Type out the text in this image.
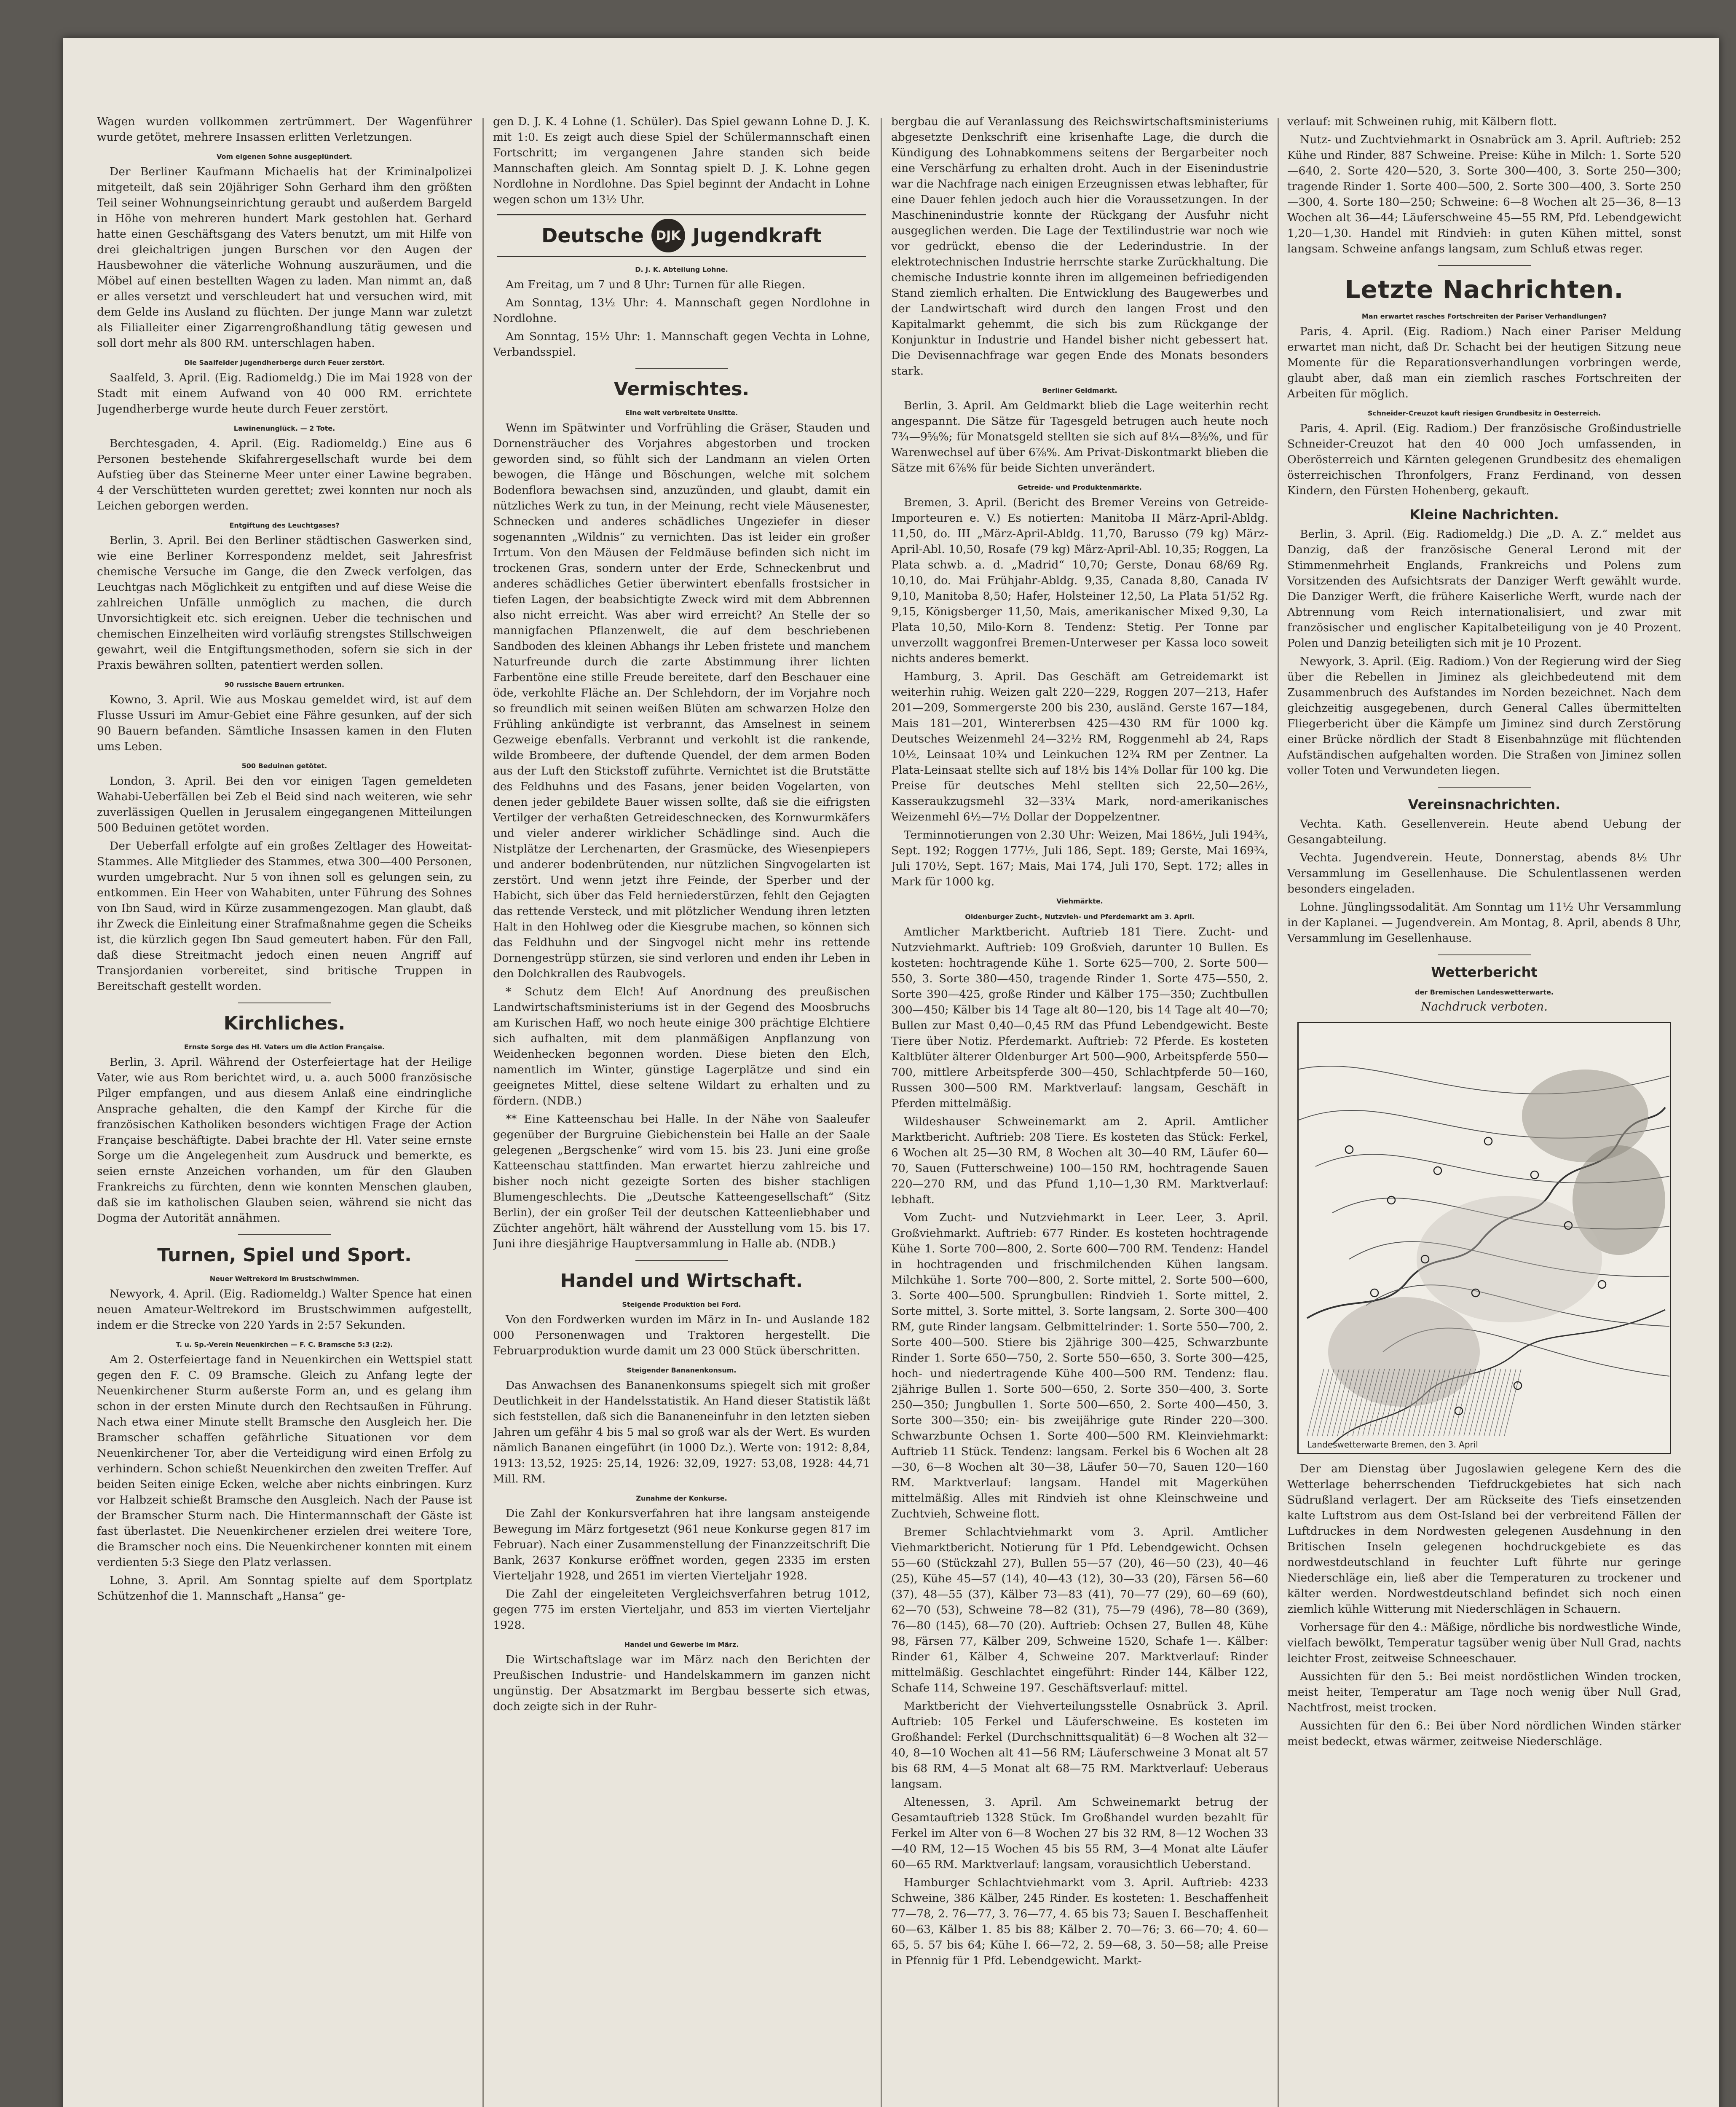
Wagen wurden vollkommen zertrümmert. Der Wagenführer wurde getötet, mehrere Insassen erlitten Verletzungen.

Vom eigenen Sohne ausgeplündert.

Der Berliner Kaufmann Michaelis hat der Kriminalpolizei mitgeteilt, daß sein 20jähriger Sohn Gerhard ihm den größten Teil seiner Wohnungseinrichtung geraubt und außerdem Bargeld in Höhe von mehreren hundert Mark gestohlen hat. Gerhard hatte einen Geschäftsgang des Vaters benutzt, um mit Hilfe von drei gleichaltrigen jungen Burschen vor den Augen der Hausbewohner die väterliche Wohnung auszuräumen, und die Möbel auf einen bestellten Wagen zu laden. Man nimmt an, daß er alles versetzt und verschleudert hat und versuchen wird, mit dem Gelde ins Ausland zu flüchten. Der junge Mann war zuletzt als Filialleiter einer Zigarrengroßhandlung tätig gewesen und soll dort mehr als 800 RM. unterschlagen haben.

Die Saalfelder Jugendherberge durch Feuer zerstört.

Saalfeld, 3. April. (Eig. Radiomeldg.) Die im Mai 1928 von der Stadt mit einem Aufwand von 40 000 RM. errichtete Jugendherberge wurde heute durch Feuer zerstört.

Lawinenunglück. — 2 Tote.

Berchtesgaden, 4. April. (Eig. Radiomeldg.) Eine aus 6 Personen bestehende Skifahrergesellschaft wurde bei dem Aufstieg über das Steinerne Meer unter einer Lawine begraben. 4 der Verschütteten wurden gerettet; zwei konnten nur noch als Leichen geborgen werden.

Entgiftung des Leuchtgases?

Berlin, 3. April. Bei den Berliner städtischen Gaswerken sind, wie eine Berliner Korrespondenz meldet, seit Jahresfrist chemische Versuche im Gange, die den Zweck verfolgen, das Leuchtgas nach Möglichkeit zu entgiften und auf diese Weise die zahlreichen Unfälle unmöglich zu machen, die durch Unvorsichtigkeit etc. sich ereignen. Ueber die technischen und chemischen Einzelheiten wird vorläufig strengstes Stillschweigen gewahrt, weil die Entgiftungsmethoden, sofern sie sich in der Praxis bewähren sollten, patentiert werden sollen.

90 russische Bauern ertrunken.

Kowno, 3. April. Wie aus Moskau gemeldet wird, ist auf dem Flusse Ussuri im Amur-Gebiet eine Fähre gesunken, auf der sich 90 Bauern befanden. Sämtliche Insassen kamen in den Fluten ums Leben.

500 Beduinen getötet.

London, 3. April. Bei den vor einigen Tagen gemeldeten Wahabi-Ueberfällen bei Zeb el Beid sind nach weiteren, wie sehr zuverlässigen Quellen in Jerusalem eingegangenen Mitteilungen 500 Beduinen getötet worden.

Der Ueberfall erfolgte auf ein großes Zeltlager des Howeitat-Stammes. Alle Mitglieder des Stammes, etwa 300—400 Personen, wurden umgebracht. Nur 5 von ihnen soll es gelungen sein, zu entkommen. Ein Heer von Wahabiten, unter Führung des Sohnes von Ibn Saud, wird in Kürze zusammengezogen. Man glaubt, daß ihr Zweck die Einleitung einer Strafmaßnahme gegen die Scheiks ist, die kürzlich gegen Ibn Saud gemeutert haben. Für den Fall, daß diese Streitmacht jedoch einen neuen Angriff auf Transjordanien vorbereitet, sind britische Truppen in Bereitschaft gestellt worden.

Kirchliches.
Ernste Sorge des Hl. Vaters um die Action Française.

Berlin, 3. April. Während der Osterfeiertage hat der Heilige Vater, wie aus Rom berichtet wird, u. a. auch 5000 französische Pilger empfangen, und aus diesem Anlaß eine eindringliche Ansprache gehalten, die den Kampf der Kirche für die französischen Katholiken besonders wichtigen Frage der Action Française beschäftigte. Dabei brachte der Hl. Vater seine ernste Sorge um die Angelegenheit zum Ausdruck und bemerkte, es seien ernste Anzeichen vorhanden, um für den Glauben Frankreichs zu fürchten, denn wie konnten Menschen glauben, daß sie im katholischen Glauben seien, während sie nicht das Dogma der Autorität annähmen.

Turnen, Spiel und Sport.
Neuer Weltrekord im Brustschwimmen.

Newyork, 4. April. (Eig. Radiomeldg.) Walter Spence hat einen neuen Amateur-Weltrekord im Brustschwimmen aufgestellt, indem er die Strecke von 220 Yards in 2:57 Sekunden.

T. u. Sp.-Verein Neuenkirchen — F. C. Bramsche 5:3 (2:2).

Am 2. Osterfeiertage fand in Neuenkirchen ein Wettspiel statt gegen den F. C. 09 Bramsche. Gleich zu Anfang legte der Neuenkirchener Sturm außerste Form an, und es gelang ihm schon in der ersten Minute durch den Rechtsaußen in Führung. Nach etwa einer Minute stellt Bramsche den Ausgleich her. Die Bramscher schaffen gefährliche Situationen vor dem Neuenkirchener Tor, aber die Verteidigung wird einen Erfolg zu verhindern. Schon schießt Neuenkirchen den zweiten Treffer. Auf beiden Seiten einige Ecken, welche aber nichts einbringen. Kurz vor Halbzeit schießt Bramsche den Ausgleich. Nach der Pause ist der Bramscher Sturm nach. Die Hintermannschaft der Gäste ist fast überlastet. Die Neuenkirchener erzielen drei weitere Tore, die Bramscher noch eins. Die Neuenkirchener konnten mit einem verdienten 5:3 Siege den Platz verlassen.

Lohne, 3. April. Am Sonntag spielte auf dem Sportplatz Schützenhof die 1. Mannschaft „Hansa“ ge-

gen D. J. K. 4 Lohne (1. Schüler). Das Spiel gewann Lohne D. J. K. mit 1:0. Es zeigt auch diese Spiel der Schülermannschaft einen Fortschritt; im vergangenen Jahre standen sich beide Mannschaften gleich. Am Sonntag spielt D. J. K. Lohne gegen Nordlohne in Nordlohne. Das Spiel beginnt der Andacht in Lohne wegen schon um 13½ Uhr.

Deutsche DJK Jugendkraft
D. J. K. Abteilung Lohne.

Am Freitag, um 7 und 8 Uhr: Turnen für alle Riegen.

Am Sonntag, 13½ Uhr: 4. Mannschaft gegen Nordlohne in Nordlohne.

Am Sonntag, 15½ Uhr: 1. Mannschaft gegen Vechta in Lohne, Verbandsspiel.

Vermischtes.
Eine weit verbreitete Unsitte.

Wenn im Spätwinter und Vorfrühling die Gräser, Stauden und Dornensträucher des Vorjahres abgestorben und trocken geworden sind, so fühlt sich der Landmann an vielen Orten bewogen, die Hänge und Böschungen, welche mit solchem Bodenflora bewachsen sind, anzuzünden, und glaubt, damit ein nützliches Werk zu tun, in der Meinung, recht viele Mäusenester, Schnecken und anderes schädliches Ungeziefer in dieser sogenannten „Wildnis“ zu vernichten. Das ist leider ein großer Irrtum. Von den Mäusen der Feldmäuse befinden sich nicht im trockenen Gras, sondern unter der Erde, Schneckenbrut und anderes schädliches Getier überwintert ebenfalls frostsicher in tiefen Lagen, der beabsichtigte Zweck wird mit dem Abbrennen also nicht erreicht. Was aber wird erreicht? An Stelle der so mannigfachen Pflanzenwelt, die auf dem beschriebenen Sandboden des kleinen Abhangs ihr Leben fristete und manchem Naturfreunde durch die zarte Abstimmung ihrer lichten Farbentöne eine stille Freude bereitete, darf den Beschauer eine öde, verkohlte Fläche an. Der Schlehdorn, der im Vorjahre noch so freundlich mit seinen weißen Blüten am schwarzen Holze den Frühling ankündigte ist verbrannt, das Amselnest in seinem Gezweige ebenfalls. Verbrannt und verkohlt ist die rankende, wilde Brombeere, der duftende Quendel, der dem armen Boden aus der Luft den Stickstoff zuführte. Vernichtet ist die Brutstätte des Feldhuhns und des Fasans, jener beiden Vogelarten, von denen jeder gebildete Bauer wissen sollte, daß sie die eifrigsten Vertilger der verhaßten Getreideschnecken, des Kornwurmkäfers und vieler anderer wirklicher Schädlinge sind. Auch die Nistplätze der Lerchenarten, der Grasmücke, des Wiesenpiepers und anderer bodenbrütenden, nur nützlichen Singvogelarten ist zerstört. Und wenn jetzt ihre Feinde, der Sperber und der Habicht, sich über das Feld herniederstürzen, fehlt den Gejagten das rettende Versteck, und mit plötzlicher Wendung ihren letzten Halt in den Hohlweg oder die Kiesgrube machen, so können sich das Feldhuhn und der Singvogel nicht mehr ins rettende Dornengestrüpp stürzen, sie sind verloren und enden ihr Leben in den Dolchkrallen des Raubvogels.

* Schutz dem Elch! Auf Anordnung des preußischen Landwirtschaftsministeriums ist in der Gegend des Moosbruchs am Kurischen Haff, wo noch heute einige 300 prächtige Elchtiere sich aufhalten, mit dem planmäßigen Anpflanzung von Weidenhecken begonnen worden. Diese bieten den Elch, namentlich im Winter, günstige Lagerplätze und sind ein geeignetes Mittel, diese seltene Wildart zu erhalten und zu fördern. (NDB.)

** Eine Katteenschau bei Halle. In der Nähe von Saaleufer gegenüber der Burgruine Giebichenstein bei Halle an der Saale gelegenen „Bergschenke“ wird vom 15. bis 23. Juni eine große Katteenschau stattfinden. Man erwartet hierzu zahlreiche und bisher noch nicht gezeigte Sorten des bisher stachligen Blumengeschlechts. Die „Deutsche Katteengesellschaft“ (Sitz Berlin), der ein großer Teil der deutschen Katteenliebhaber und Züchter angehört, hält während der Ausstellung vom 15. bis 17. Juni ihre diesjährige Hauptversammlung in Halle ab. (NDB.)

Handel und Wirtschaft.
Steigende Produktion bei Ford.

Von den Fordwerken wurden im März in In- und Auslande 182 000 Personenwagen und Traktoren hergestellt. Die Februarproduktion wurde damit um 23 000 Stück überschritten.

Steigender Bananenkonsum.

Das Anwachsen des Bananenkonsums spiegelt sich mit großer Deutlichkeit in der Handelsstatistik. An Hand dieser Statistik läßt sich feststellen, daß sich die Bananeneinfuhr in den letzten sieben Jahren um gefähr 4 bis 5 mal so groß war als der Wert. Es wurden nämlich Bananen eingeführt (in 1000 Dz.). Werte von: 1912: 8,84, 1913: 13,52, 1925: 25,14, 1926: 32,09, 1927: 53,08, 1928: 44,71 Mill. RM.

Zunahme der Konkurse.

Die Zahl der Konkursverfahren hat ihre langsam ansteigende Bewegung im März fortgesetzt (961 neue Konkurse gegen 817 im Februar). Nach einer Zusammenstellung der Finanzzeitschrift Die Bank, 2637 Konkurse eröffnet worden, gegen 2335 im ersten Vierteljahr 1928, und 2651 im vierten Vierteljahr 1928.

Die Zahl der eingeleiteten Vergleichsverfahren betrug 1012, gegen 775 im ersten Vierteljahr, und 853 im vierten Vierteljahr 1928.

Handel und Gewerbe im März.

Die Wirtschaftslage war im März nach den Berichten der Preußischen Industrie- und Handelskammern im ganzen nicht ungünstig. Der Absatzmarkt im Bergbau besserte sich etwas, doch zeigte sich in der Ruhr-

bergbau die auf Veranlassung des Reichswirtschaftsministeriums abgesetzte Denkschrift eine krisenhafte Lage, die durch die Kündigung des Lohnabkommens seitens der Bergarbeiter noch eine Verschärfung zu erhalten droht. Auch in der Eisenindustrie war die Nachfrage nach einigen Erzeugnissen etwas lebhafter, für eine Dauer fehlen jedoch auch hier die Voraussetzungen. In der Maschinenindustrie konnte der Rückgang der Ausfuhr nicht ausgeglichen werden. Die Lage der Textilindustrie war noch wie vor gedrückt, ebenso die der Lederindustrie. In der elektrotechnischen Industrie herrschte starke Zurückhaltung. Die chemische Industrie konnte ihren im allgemeinen befriedigenden Stand ziemlich erhalten. Die Entwicklung des Baugewerbes und der Landwirtschaft wird durch den langen Frost und den Kapitalmarkt gehemmt, die sich bis zum Rückgange der Konjunktur in Industrie und Handel bisher nicht gebessert hat. Die Devisennachfrage war gegen Ende des Monats besonders stark.

Berliner Geldmarkt.

Berlin, 3. April. Am Geldmarkt blieb die Lage weiterhin recht angespannt. Die Sätze für Tagesgeld betrugen auch heute noch 7¾—9⅝%; für Monatsgeld stellten sie sich auf 8¼—8⅜%, und für Warenwechsel auf über 6⅞%. Am Privat-Diskontmarkt blieben die Sätze mit 6⅞% für beide Sichten unverändert.

Getreide- und Produktenmärkte.

Bremen, 3. April. (Bericht des Bremer Vereins von Getreide-Importeuren e. V.) Es notierten: Manitoba II März-April-Abldg. 11,50, do. III „März-April-Abldg. 11,70, Barusso (79 kg) März-April-Abl. 10,50, Rosafe (79 kg) März-April-Abl. 10,35; Roggen, La Plata schwb. a. d. „Madrid“ 10,70; Gerste, Donau 68/69 Rg. 10,10, do. Mai Frühjahr-Abldg. 9,35, Canada 8,80, Canada IV 9,10, Manitoba 8,50; Hafer, Holsteiner 12,50, La Plata 51/52 Rg. 9,15, Königsberger 11,50, Mais, amerikanischer Mixed 9,30, La Plata 10,50, Milo-Korn 8. Tendenz: Stetig. Per Tonne par unverzollt waggonfrei Bremen-Unterweser per Kassa loco soweit nichts anderes bemerkt.

Hamburg, 3. April. Das Geschäft am Getreidemarkt ist weiterhin ruhig. Weizen galt 220—229, Roggen 207—213, Hafer 201—209, Sommergerste 200 bis 230, ausländ. Gerste 167—184, Mais 181—201, Wintererbsen 425—430 RM für 1000 kg. Deutsches Weizenmehl 24—32½ RM, Roggenmehl ab 24, Raps 10½, Leinsaat 10¾ und Leinkuchen 12¾ RM per Zentner. La Plata-Leinsaat stellte sich auf 18½ bis 14⅝ Dollar für 100 kg. Die Preise für deutsches Mehl stellten sich 22,50—26½, Kasseraukzugsmehl 32—33¼ Mark, nord-amerikanisches Weizenmehl 6½—7½ Dollar der Doppelzentner.

Terminnotierungen von 2.30 Uhr: Weizen, Mai 186½, Juli 194¾, Sept. 192; Roggen 177½, Juli 186, Sept. 189; Gerste, Mai 169¾, Juli 170½, Sept. 167; Mais, Mai 174, Juli 170, Sept. 172; alles in Mark für 1000 kg.

Viehmärkte.
Oldenburger Zucht-, Nutzvieh- und Pferdemarkt am 3. April.

Amtlicher Marktbericht. Auftrieb 181 Tiere. Zucht- und Nutzviehmarkt. Auftrieb: 109 Großvieh, darunter 10 Bullen. Es kosteten: hochtragende Kühe 1. Sorte 625—700, 2. Sorte 500—550, 3. Sorte 380—450, tragende Rinder 1. Sorte 475—550, 2. Sorte 390—425, große Rinder und Kälber 175—350; Zuchtbullen 300—450; Kälber bis 14 Tage alt 80—120, bis 14 Tage alt 40—70; Bullen zur Mast 0,40—0,45 RM das Pfund Lebendgewicht. Beste Tiere über Notiz. Pferdemarkt. Auftrieb: 72 Pferde. Es kosteten Kaltblüter älterer Oldenburger Art 500—900, Arbeitspferde 550—700, mittlere Arbeitspferde 300—450, Schlachtpferde 50—160, Russen 300—500 RM. Marktverlauf: langsam, Geschäft in Pferden mittelmäßig.

Wildeshauser Schweinemarkt am 2. April. Amtlicher Marktbericht. Auftrieb: 208 Tiere. Es kosteten das Stück: Ferkel, 6 Wochen alt 25—30 RM, 8 Wochen alt 30—40 RM, Läufer 60—70, Sauen (Futterschweine) 100—150 RM, hochtragende Sauen 220—270 RM, und das Pfund 1,10—1,30 RM. Marktverlauf: lebhaft.

Vom Zucht- und Nutzviehmarkt in Leer. Leer, 3. April. Großviehmarkt. Auftrieb: 677 Rinder. Es kosteten hochtragende Kühe 1. Sorte 700—800, 2. Sorte 600—700 RM. Tendenz: Handel in hochtragenden und frischmilchenden Kühen langsam. Milchkühe 1. Sorte 700—800, 2. Sorte mittel, 2. Sorte 500—600, 3. Sorte 400—500. Sprungbullen: Rindvieh 1. Sorte mittel, 2. Sorte mittel, 3. Sorte mittel, 3. Sorte langsam, 2. Sorte 300—400 RM, gute Rinder langsam. Gelbmittelrinder: 1. Sorte 550—700, 2. Sorte 400—500. Stiere bis 2jährige 300—425, Schwarzbunte Rinder 1. Sorte 650—750, 2. Sorte 550—650, 3. Sorte 300—425, hoch- und niedertragende Kühe 400—500 RM. Tendenz: flau. 2jährige Bullen 1. Sorte 500—650, 2. Sorte 350—400, 3. Sorte 250—350; Jungbullen 1. Sorte 500—650, 2. Sorte 400—450, 3. Sorte 300—350; ein- bis zweijährige gute Rinder 220—300. Schwarzbunte Ochsen 1. Sorte 400—500 RM. Kleinviehmarkt: Auftrieb 11 Stück. Tendenz: langsam. Ferkel bis 6 Wochen alt 28—30, 6—8 Wochen alt 30—38, Läufer 50—70, Sauen 120—160 RM. Marktverlauf: langsam. Handel mit Magerkühen mittelmäßig. Alles mit Rindvieh ist ohne Kleinschweine und Zuchtvieh, Schweine flott.

Bremer Schlachtviehmarkt vom 3. April. Amtlicher Viehmarktbericht. Notierung für 1 Pfd. Lebendgewicht. Ochsen 55—60 (Stückzahl 27), Bullen 55—57 (20), 46—50 (23), 40—46 (25), Kühe 45—57 (14), 40—43 (12), 30—33 (20), Färsen 56—60 (37), 48—55 (37), Kälber 73—83 (41), 70—77 (29), 60—69 (60), 62—70 (53), Schweine 78—82 (31), 75—79 (496), 78—80 (369), 76—80 (145), 68—70 (20). Auftrieb: Ochsen 27, Bullen 48, Kühe 98, Färsen 77, Kälber 209, Schweine 1520, Schafe 1—. Kälber: Rinder 61, Kälber 4, Schweine 207. Marktverlauf: Rinder mittelmäßig. Geschlachtet eingeführt: Rinder 144, Kälber 122, Schafe 114, Schweine 197. Geschäftsverlauf: mittel.

Marktbericht der Viehverteilungsstelle Osnabrück 3. April. Auftrieb: 105 Ferkel und Läuferschweine. Es kosteten im Großhandel: Ferkel (Durchschnittsqualität) 6—8 Wochen alt 32—40, 8—10 Wochen alt 41—56 RM; Läuferschweine 3 Monat alt 57 bis 68 RM, 4—5 Monat alt 68—75 RM. Marktverlauf: Ueberaus langsam.

Altenessen, 3. April. Am Schweinemarkt betrug der Gesamtauftrieb 1328 Stück. Im Großhandel wurden bezahlt für Ferkel im Alter von 6—8 Wochen 27 bis 32 RM, 8—12 Wochen 33—40 RM, 12—15 Wochen 45 bis 55 RM, 3—4 Monat alte Läufer 60—65 RM. Marktverlauf: langsam, vorausichtlich Ueberstand.

Hamburger Schlachtviehmarkt vom 3. April. Auftrieb: 4233 Schweine, 386 Kälber, 245 Rinder. Es kosteten: 1. Beschaffenheit 77—78, 2. 76—77, 3. 76—77, 4. 65 bis 73; Sauen I. Beschaffenheit 60—63, Kälber 1. 85 bis 88; Kälber 2. 70—76; 3. 66—70; 4. 60—65, 5. 57 bis 64; Kühe I. 66—72, 2. 59—68, 3. 50—58; alle Preise in Pfennig für 1 Pfd. Lebendgewicht. Markt-

verlauf: mit Schweinen ruhig, mit Kälbern flott.

Nutz- und Zuchtviehmarkt in Osnabrück am 3. April. Auftrieb: 252 Kühe und Rinder, 887 Schweine. Preise: Kühe in Milch: 1. Sorte 520—640, 2. Sorte 420—520, 3. Sorte 300—400, 3. Sorte 250—300; tragende Rinder 1. Sorte 400—500, 2. Sorte 300—400, 3. Sorte 250—300, 4. Sorte 180—250; Schweine: 6—8 Wochen alt 25—36, 8—13 Wochen alt 36—44; Läuferschweine 45—55 RM, Pfd. Lebendgewicht 1,20—1,30. Handel mit Rindvieh: in guten Kühen mittel, sonst langsam. Schweine anfangs langsam, zum Schluß etwas reger.

Letzte Nachrichten.
Man erwartet rasches Fortschreiten der Pariser Verhandlungen?

Paris, 4. April. (Eig. Radiom.) Nach einer Pariser Meldung erwartet man nicht, daß Dr. Schacht bei der heutigen Sitzung neue Momente für die Reparationsverhandlungen vorbringen werde, glaubt aber, daß man ein ziemlich rasches Fortschreiten der Arbeiten für möglich.

Schneider-Creuzot kauft riesigen Grundbesitz in Oesterreich.

Paris, 4. April. (Eig. Radiom.) Der französische Großindustrielle Schneider-Creuzot hat den 40 000 Joch umfassenden, in Oberösterreich und Kärnten gelegenen Grundbesitz des ehemaligen österreichischen Thronfolgers, Franz Ferdinand, von dessen Kindern, den Fürsten Hohenberg, gekauft.

Kleine Nachrichten.

Berlin, 3. April. (Eig. Radiomeldg.) Die „D. A. Z.“ meldet aus Danzig, daß der französische General Lerond mit der Stimmenmehrheit Englands, Frankreichs und Polens zum Vorsitzenden des Aufsichtsrats der Danziger Werft gewählt wurde. Die Danziger Werft, die frühere Kaiserliche Werft, wurde nach der Abtrennung vom Reich internationalisiert, und zwar mit französischer und englischer Kapitalbeteiligung von je 40 Prozent. Polen und Danzig beteiligten sich mit je 10 Prozent.

Newyork, 3. April. (Eig. Radiom.) Von der Regierung wird der Sieg über die Rebellen in Jiminez als gleichbedeutend mit dem Zusammenbruch des Aufstandes im Norden bezeichnet. Nach dem gleichzeitig ausgegebenen, durch General Calles übermittelten Fliegerbericht über die Kämpfe um Jiminez sind durch Zerstörung einer Brücke nördlich der Stadt 8 Eisenbahnzüge mit flüchtenden Aufständischen aufgehalten worden. Die Straßen von Jiminez sollen voller Toten und Verwundeten liegen.

Vereinsnachrichten.

Vechta. Kath. Gesellenverein. Heute abend Uebung der Gesangabteilung.

Vechta. Jugendverein. Heute, Donnerstag, abends 8½ Uhr Versammlung im Gesellenhause. Die Schulentlassenen werden besonders eingeladen.

Lohne. Jünglingssodalität. Am Sonntag um 11½ Uhr Versammlung in der Kaplanei. — Jugendverein. Am Montag, 8. April, abends 8 Uhr, Versammlung im Gesellenhause.

Wetterbericht
der Bremischen Landeswetterwarte.
Nachdruck verboten.
Landeswetterwarte Bremen, den 3. April

Der am Dienstag über Jugoslawien gelegene Kern des die Wetterlage beherrschenden Tiefdruckgebietes hat sich nach Südrußland verlagert. Der am Rückseite des Tiefs einsetzenden kalte Luftstrom aus dem Ost-Island bei der verbreitend Fällen der Luftdruckes in dem Nordwesten gelegenen Ausdehnung in den Britischen Inseln gelegenen hochdruckgebiete es das nordwestdeutschland in feuchter Luft führte nur geringe Niederschläge ein, ließ aber die Temperaturen zu trockener und kälter werden. Nordwestdeutschland befindet sich noch einen ziemlich kühle Witterung mit Niederschlägen in Schauern.

Vorhersage für den 4.: Mäßige, nördliche bis nordwestliche Winde, vielfach bewölkt, Temperatur tagsüber wenig über Null Grad, nachts leichter Frost, zeitweise Schneeschauer.

Aussichten für den 5.: Bei meist nordöstlichen Winden trocken, meist heiter, Temperatur am Tage noch wenig über Null Grad, Nachtfrost, meist trocken.

Aussichten für den 6.: Bei über Nord nördlichen Winden stärker meist bedeckt, etwas wärmer, zeitweise Niederschläge.
